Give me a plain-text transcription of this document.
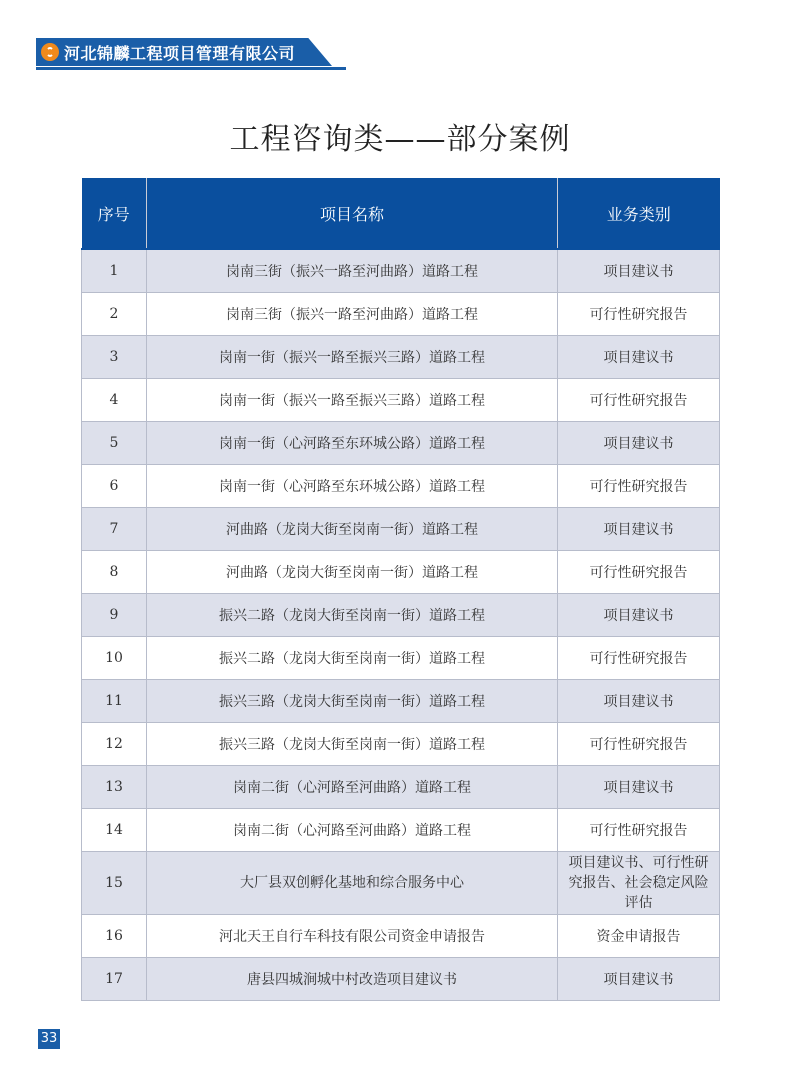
河北锦麟工程项目管理有限公司
工程咨询类——部分案例
序号	项目名称	业务类别
1	岗南三街（振兴一路至河曲路）道路工程	项目建议书
2	岗南三街（振兴一路至河曲路）道路工程	可行性研究报告
3	岗南一街（振兴一路至振兴三路）道路工程	项目建议书
4	岗南一街（振兴一路至振兴三路）道路工程	可行性研究报告
5	岗南一街（心河路至东环城公路）道路工程	项目建议书
6	岗南一街（心河路至东环城公路）道路工程	可行性研究报告
7	河曲路（龙岗大街至岗南一街）道路工程	项目建议书
8	河曲路（龙岗大街至岗南一街）道路工程	可行性研究报告
9	振兴二路（龙岗大街至岗南一街）道路工程	项目建议书
10	振兴二路（龙岗大街至岗南一街）道路工程	可行性研究报告
11	振兴三路（龙岗大街至岗南一街）道路工程	项目建议书
12	振兴三路（龙岗大街至岗南一街）道路工程	可行性研究报告
13	岗南二街（心河路至河曲路）道路工程	项目建议书
14	岗南二街（心河路至河曲路）道路工程	可行性研究报告
15	大厂县双创孵化基地和综合服务中心	项目建议书、可行性研究报告、社会稳定风险评估
16	河北天王自行车科技有限公司资金申请报告	资金申请报告
17	唐县四城涧城中村改造项目建议书	项目建议书
33
